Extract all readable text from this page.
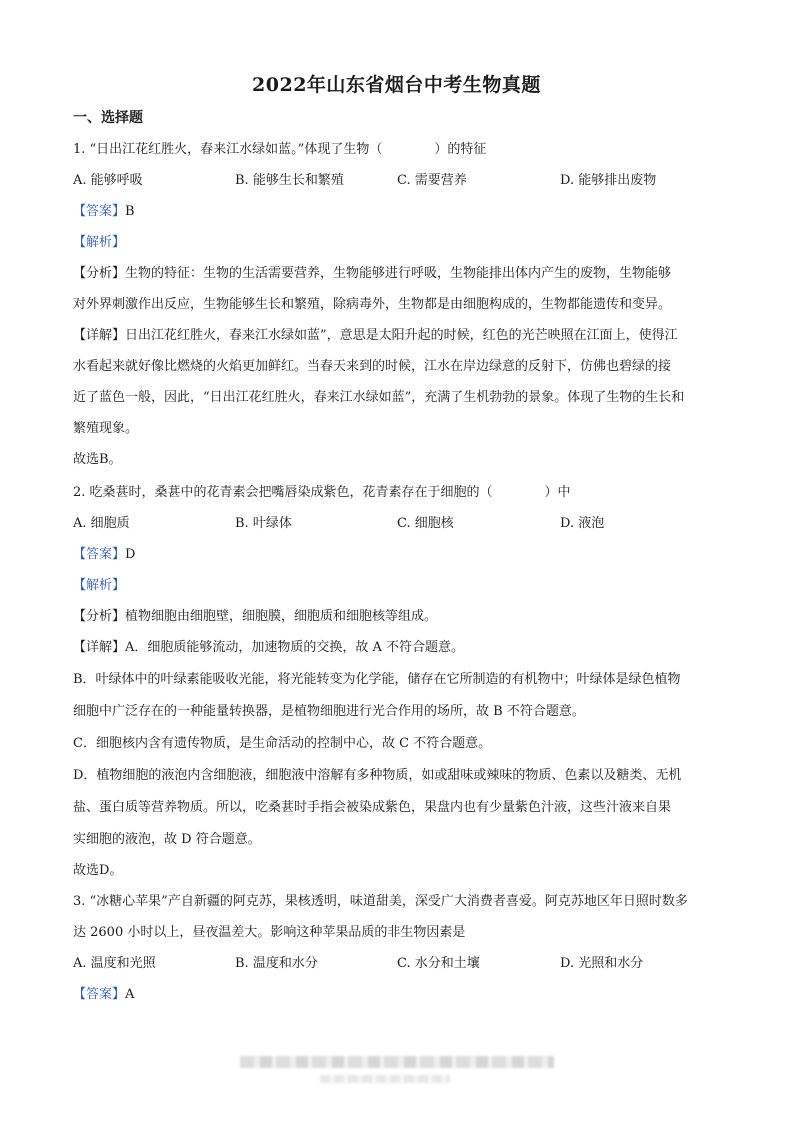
2022年山东省烟台中考生物真题
一、选择题
1. “日出江花红胜火，春来江水绿如蓝。”体现了生物（　　　　）的特征
A. 能够呼吸	B. 能够生长和繁殖	C. 需要营养	D. 能够排出废物
【答案】B
【解析】
【分析】生物的特征：生物的生活需要营养，生物能够进行呼吸，生物能排出体内产生的废物，生物能够
对外界刺激作出反应，生物能够生长和繁殖，除病毒外，生物都是由细胞构成的，生物都能遗传和变异。
【详解】日出江花红胜火，春来江水绿如蓝”，意思是太阳升起的时候，红色的光芒映照在江面上，使得江
水看起来就好像比燃烧的火焰更加鲜红。当春天来到的时候，江水在岸边绿意的反射下，仿佛也碧绿的接
近了蓝色一般，因此，“日出江花红胜火，春来江水绿如蓝”，充满了生机勃勃的景象。体现了生物的生长和
繁殖现象。
故选B。
2. 吃桑葚时，桑葚中的花青素会把嘴唇染成紫色，花青素存在于细胞的（　　　　）中
A. 细胞质	B. 叶绿体	C. 细胞核	D. 液泡
【答案】D
【解析】
【分析】植物细胞由细胞壁，细胞膜，细胞质和细胞核等组成。
【详解】A．细胞质能够流动，加速物质的交换，故 A 不符合题意。
B．叶绿体中的叶绿素能吸收光能，将光能转变为化学能，储存在它所制造的有机物中；叶绿体是绿色植物
细胞中广泛存在的一种能量转换器，是植物细胞进行光合作用的场所，故 B 不符合题意。
C．细胞核内含有遗传物质，是生命活动的控制中心，故 C 不符合题意。
D．植物细胞的液泡内含细胞液，细胞液中溶解有多种物质，如或甜味或辣味的物质、色素以及糖类、无机
盐、蛋白质等营养物质。所以，吃桑葚时手指会被染成紫色，果盘内也有少量紫色汁液，这些汁液来自果
实细胞的液泡，故 D 符合题意。
故选D。
3. “冰糖心苹果”产自新疆的阿克苏，果核透明，味道甜美，深受广大消费者喜爱。阿克苏地区年日照时数多
达 2600 小时以上，昼夜温差大。影响这种苹果品质的非生物因素是
A. 温度和光照	B. 温度和水分	C. 水分和土壤	D. 光照和水分
【答案】A
